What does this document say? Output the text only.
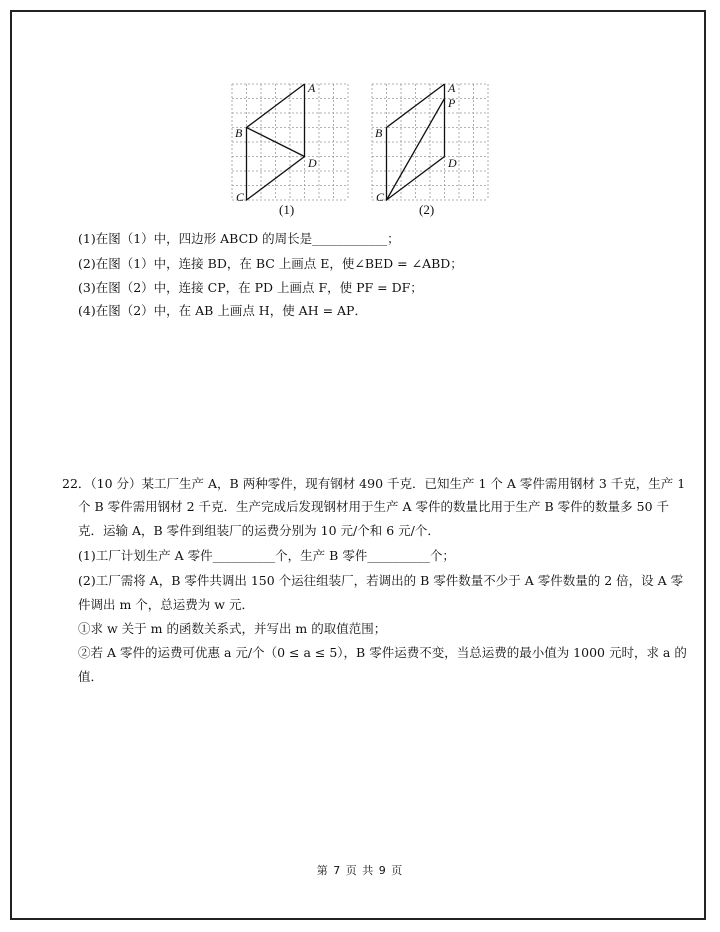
A
B
C
D
(1)
A
P
B
C
D
(2)
(1)在图（1）中，四边形 ABCD 的周长是____________；
(2)在图（1）中，连接 BD，在 BC 上画点 E，使∠BED = ∠ABD；
(3)在图（2）中，连接 CP，在 PD 上画点 F，使 PF = DF；
(4)在图（2）中，在 AB 上画点 H，使 AH = AP．
22．（10 分）某工厂生产 A，B 两种零件，现有钢材 490 千克．已知生产 1 个 A 零件需用钢材 3 千克，生产 1
个 B 零件需用钢材 2 千克．生产完成后发现钢材用于生产 A 零件的数量比用于生产 B 零件的数量多 50 千
克．运输 A，B 零件到组装厂的运费分别为 10 元/个和 6 元/个．
(1)工厂计划生产 A 零件__________个，生产 B 零件__________个；
(2)工厂需将 A，B 零件共调出 150 个运往组装厂，若调出的 B 零件数量不少于 A 零件数量的 2 倍，设 A 零
件调出 m 个，总运费为 w 元．
①求 w 关于 m 的函数关系式，并写出 m 的取值范围；
②若 A 零件的运费可优惠 a 元/个（0 ≤ a ≤ 5），B 零件运费不变，当总运费的最小值为 1000 元时，求 a 的
值．
第 7 页 共 9 页
